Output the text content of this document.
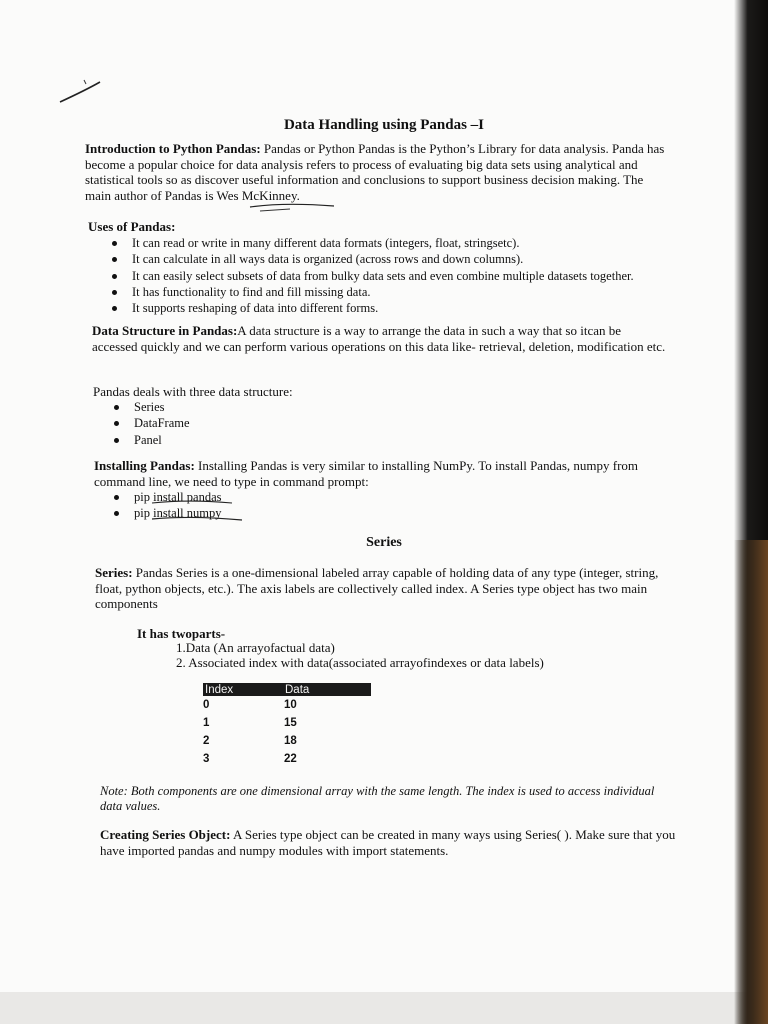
Data Handling using Pandas –I
Introduction to Python Pandas: Pandas or Python Pandas is the Python’s Library for data analysis. Panda has become a popular choice for data analysis refers to process of evaluating big data sets using analytical and statistical tools so as discover useful information and conclusions to support business decision making. The main author of Pandas is Wes McKinney.
Uses of Pandas:
It can read or write in many different data formats (integers, float, stringsetc).
It can calculate in all ways data is organized (across rows and down columns).
It can easily select subsets of data from bulky data sets and even combine multiple datasets together.
It has functionality to find and fill missing data.
It supports reshaping of data into different forms.
Data Structure in Pandas:A data structure is a way to arrange the data in such a way that so itcan be accessed quickly and we can perform various operations on this data like- retrieval, deletion, modification etc.
Pandas deals with three data structure:
Series
DataFrame
Panel
Installing Pandas: Installing Pandas is very similar to installing NumPy. To install Pandas, numpy from command line, we need to type in command prompt:
pip install pandas
pip install numpy
Series
Series: Pandas Series is a one-dimensional labeled array capable of holding data of any type (integer, string, float, python objects, etc.). The axis labels are collectively called index. A Series type object has two main components
It has twoparts-
1.Data (An arrayofactual data)
2. Associated index with data(associated arrayofindexes or data labels)
Index	Data
0	10
1	15
2	18
3	22
Note: Both components are one dimensional array with the same length. The index is used to access individual data values.
Creating Series Object: A Series type object can be created in many ways using Series( ). Make sure that you have imported pandas and numpy modules with import statements.
